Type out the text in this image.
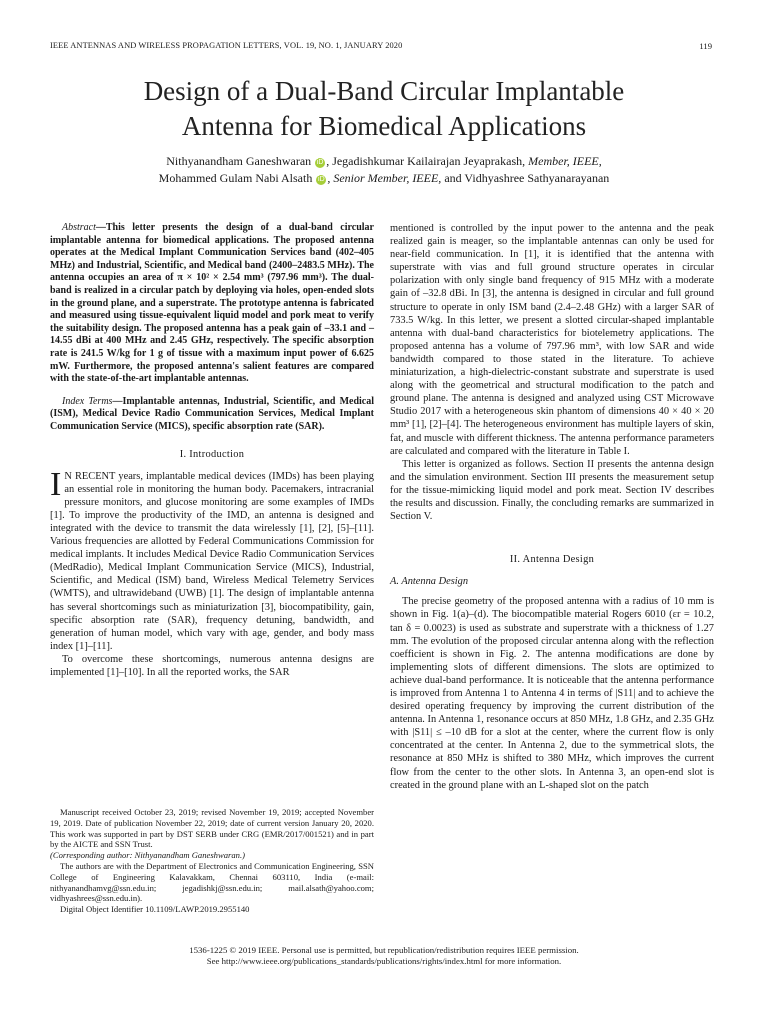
IEEE ANTENNAS AND WIRELESS PROPAGATION LETTERS, VOL. 19, NO. 1, JANUARY 2020	119
Design of a Dual-Band Circular Implantable
Antenna for Biomedical Applications
Nithyanandham Ganeshwaran iD , Jegadishkumar Kailairajan Jeyaprakash, Member, IEEE,
Mohammed Gulam Nabi Alsath iD , Senior Member, IEEE, and Vidhyashree Sathyanarayanan

Abstract—This letter presents the design of a dual-band circular implantable antenna for biomedical applications. The proposed antenna operates at the Medical Implant Communication Services band (402–405 MHz) and Industrial, Scientific, and Medical band (2400–2483.5 MHz). The antenna occupies an area of π × 10² × 2.54 mm³ (797.96 mm³). The dual-band is realized in a circular patch by deploying via holes, open-ended slots in the ground plane, and a superstrate. The prototype antenna is fabricated and measured using tissue-equivalent liquid model and pork meat to verify the suitability design. The proposed antenna has a peak gain of –33.1 and –14.55 dBi at 400 MHz and 2.45 GHz, respectively. The specific absorption rate is 241.5 W/kg for 1 g of tissue with a maximum input power of 6.625 mW. Furthermore, the proposed antenna's salient features are compared with the state-of-the-art implantable antennas.

Index Terms—Implantable antennas, Industrial, Scientific, and Medical (ISM), Medical Device Radio Communication Services, Medical Implant Communication Service (MICS), specific absorption rate (SAR).

I. Introduction

I N RECENT years, implantable medical devices (IMDs) has been playing an essential role in monitoring the human body. Pacemakers, intracranial pressure monitors, and glucose monitoring are some examples of IMDs [1]. To improve the productivity of the IMD, an antenna is designed and integrated with the device to transmit the data wirelessly [1], [2], [5]–[11]. Various frequencies are allotted by Federal Communications Commission for medical implants. It includes Medical Device Radio Communication Services (MedRadio), Medical Implant Communication Service (MICS), Industrial, Scientific, and Medical (ISM) band, Wireless Medical Telemetry Services (WMTS), and ultrawideband (UWB) [1]. The design of implantable antenna has several shortcomings such as miniaturization [3], biocompatibility, gain, specific absorption rate (SAR), frequency detuning, bandwidth, and generation of human model, which vary with age, gender, and body mass index [1]–[11].

To overcome these shortcomings, numerous antenna designs are implemented [1]–[10]. In all the reported works, the SAR

mentioned is controlled by the input power to the antenna and the peak realized gain is meager, so the implantable antennas can only be used for near-field communication. In [1], it is identified that the antenna with superstrate with vias and full ground structure operates in circular polarization with only single band frequency of 915 MHz with a moderate gain of –32.8 dBi. In [3], the antenna is designed in circular and full ground structure to operate in only ISM band (2.4–2.48 GHz) with a larger SAR of 733.5 W/kg. In this letter, we present a slotted circular-shaped implantable antenna with dual-band characteristics for biotelemetry applications. The proposed antenna has a volume of 797.96 mm³, with low SAR and wide bandwidth compared to those stated in the literature. To achieve miniaturization, a high-dielectric-constant substrate and superstrate is used along with the geometrical and structural modification to the patch and ground plane. The antenna is designed and analyzed using CST Microwave Studio 2017 with a heterogeneous skin phantom of dimensions 40 × 40 × 20 mm³ [1], [2]–[4]. The heterogeneous environment has multiple layers of skin, fat, and muscle with different thickness. The antenna performance parameters are calculated and compared with the literature in Table I.

This letter is organized as follows. Section II presents the antenna design and the simulation environment. Section III presents the measurement setup for the tissue-mimicking liquid model and pork meat. Section IV describes the results and discussion. Finally, the concluding remarks are summarized in Section V.

II. Antenna Design
A. Antenna Design

The precise geometry of the proposed antenna with a radius of 10 mm is shown in Fig. 1(a)–(d). The biocompatible material Rogers 6010 (εr = 10.2, tan δ = 0.0023) is used as substrate and superstrate with a thickness of 1.27 mm. The evolution of the proposed circular antenna along with the reflection coefficient is shown in Fig. 2. The antenna modifications are done by implementing slots of different dimensions. The slots are optimized to achieve dual-band performance. It is noticeable that the antenna performance is improved from Antenna 1 to Antenna 4 in terms of |S11| and to achieve the desired operating frequency by improving the current distribution of the antenna. In Antenna 1, resonance occurs at 850 MHz, 1.8 GHz, and 2.35 GHz with |S11| ≤ –10 dB for a slot at the center, where the current flow is only concentrated at the center. In Antenna 2, due to the symmetrical slots, the resonance at 850 MHz is shifted to 380 MHz, which improves the current flow from the center to the other slots. In Antenna 3, an open-end slot is created in the ground plane with an L-shaped slot on the patch

Manuscript received October 23, 2019; revised November 19, 2019; accepted November 19, 2019. Date of publication November 22, 2019; date of current version January 20, 2020. This work was supported in part by DST SERB under CRG (EMR/2017/001521) and in part by the AICTE and SSN Trust.

(Corresponding author: Nithyanandham Ganeshwaran.)

The authors are with the Department of Electronics and Communication Engineering, SSN College of Engineering Kalavakkam, Chennai 603110, India (e-mail: nithyanandhamvg@ssn.edu.in; jegadishkj@ssn.edu.in; mail.alsath@yahoo.com; vidhyashrees@ssn.edu.in).

Digital Object Identifier 10.1109/LAWP.2019.2955140

1536-1225 © 2019 IEEE. Personal use is permitted, but republication/redistribution requires IEEE permission.
See http://www.ieee.org/publications_standards/publications/rights/index.html for more information.
